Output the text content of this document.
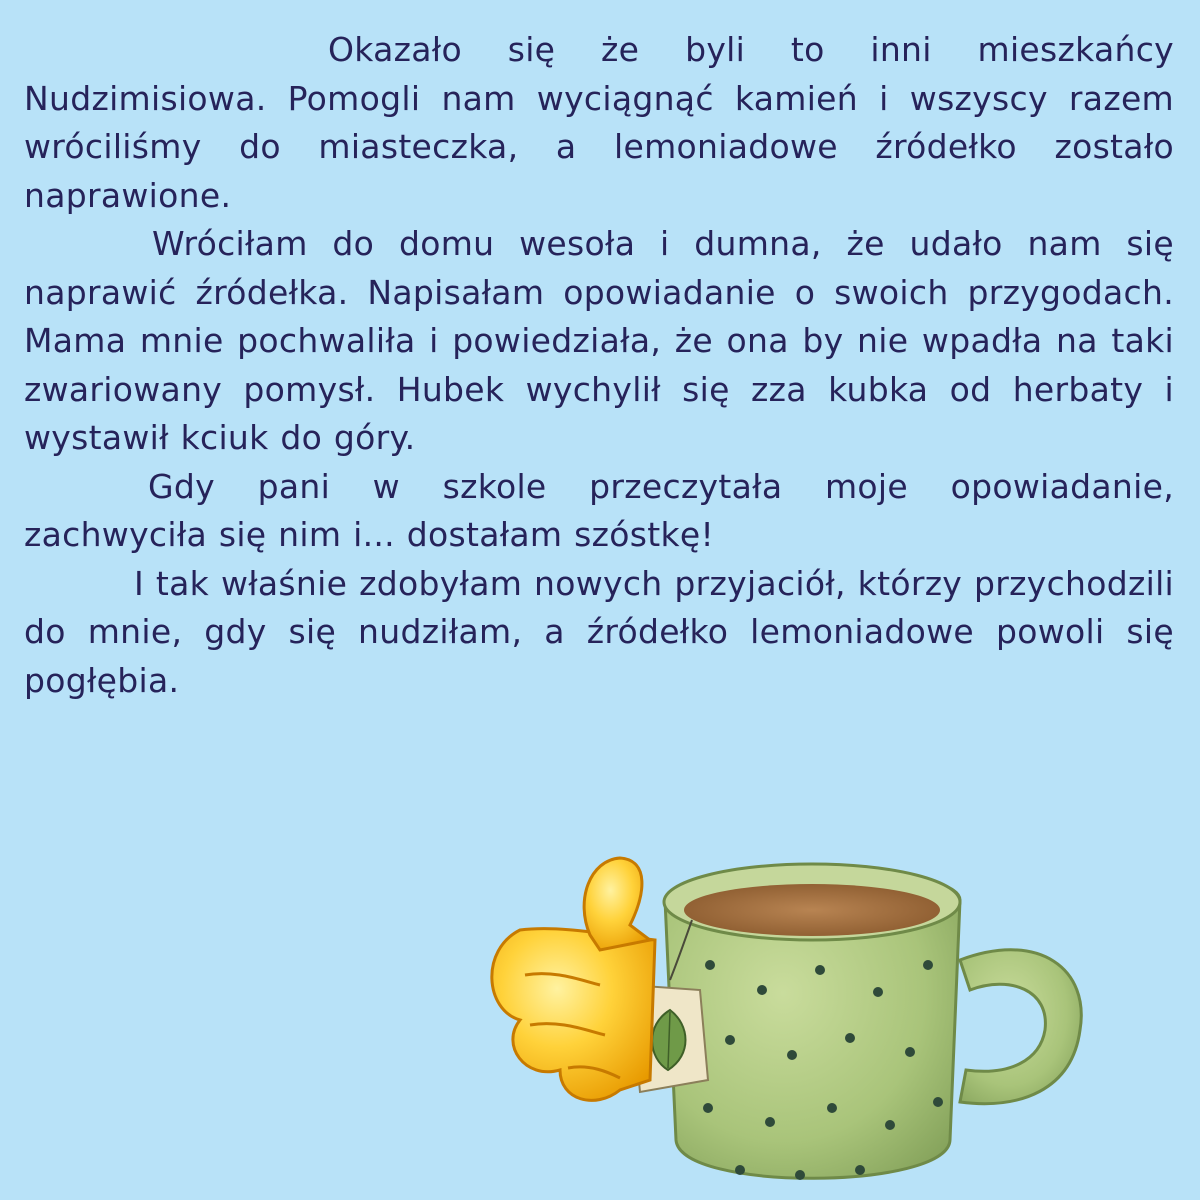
Okazało się że byli to inni mieszkańcy Nudzimisiowa. Pomogli nam wyciągnąć kamień i wszyscy razem wróciliśmy do miasteczka, a lemoniadowe źródełko zostało naprawione.

Wróciłam do domu wesoła i dumna, że udało nam się naprawić źródełka. Napisałam opowiadanie o swoich przygodach. Mama mnie pochwaliła i powiedziała, że ona by nie wpadła na taki zwariowany pomysł. Hubek wychylił się zza kubka od herbaty i wystawił kciuk do góry.

Gdy pani w szkole przeczytała moje opowiadanie, zachwyciła się nim i... dostałam szóstkę!

I tak właśnie zdobyłam nowych przyjaciół, którzy przychodzili do mnie, gdy się nudziłam, a źródełko lemoniadowe powoli się pogłębia.
